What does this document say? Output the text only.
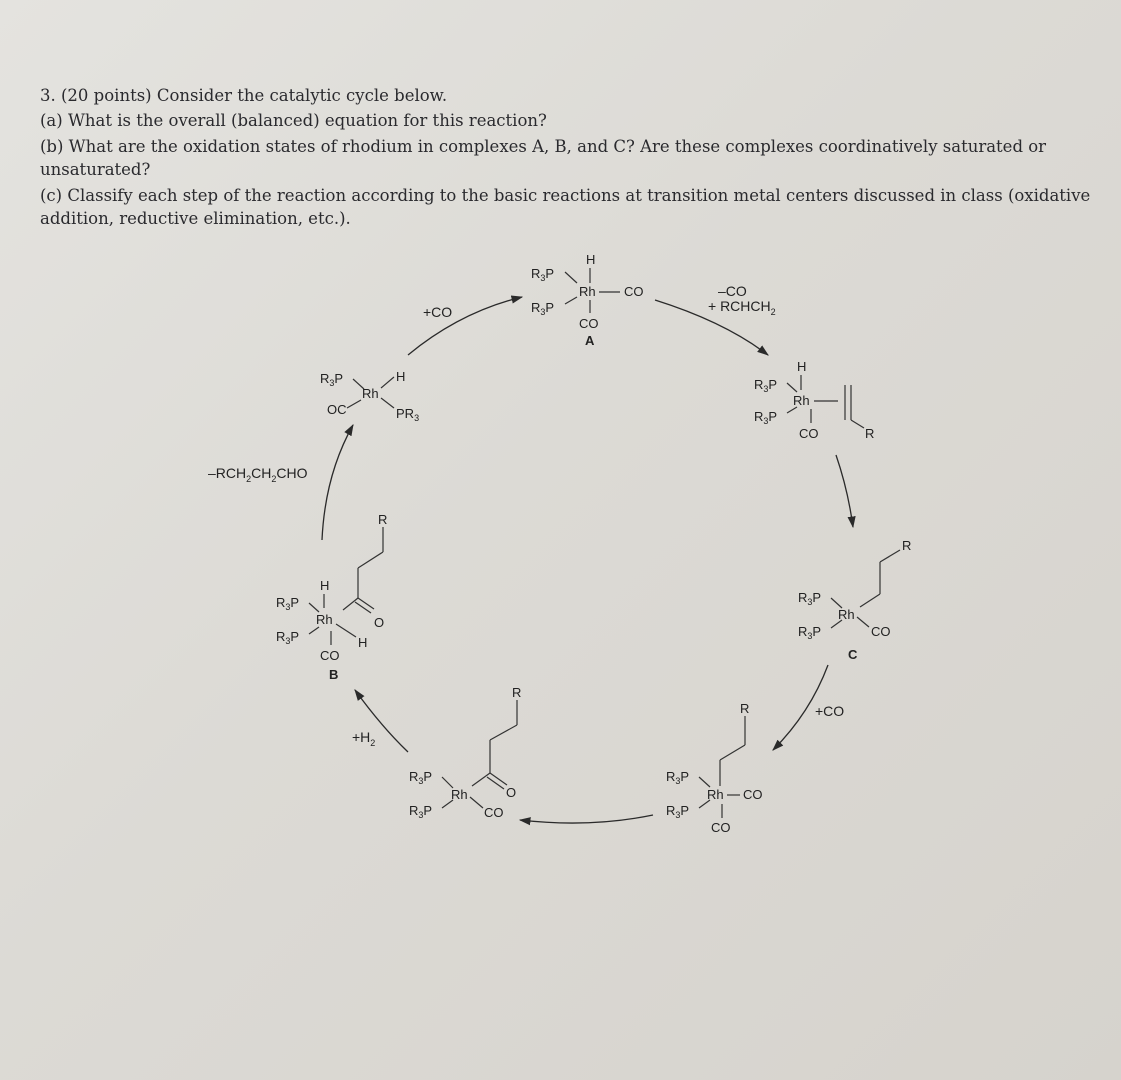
3. (20 points) Consider the catalytic cycle below.

(a) What is the overall (balanced) equation for this reaction?

(b) What are the oxidation states of rhodium in complexes A, B, and C? Are these complexes coordinatively saturated or unsaturated?

(c) Classify each step of the reaction according to the basic reactions at transition metal centers discussed in class (oxidative addition, reductive elimination, etc.).

+CO
–CO
+ $RCHCH_2$
+CO
$+H_2$
$-RCH_2CH_2CHO$
H
$R_3P$
Rh CO
$R_3P$
CO
A
H
$R_3P$
Rh
R
$R_3P$
CO
R
$R_3P$
Rh
CO
$R_3P$
C
R
$R_3P$
Rh CO
$R_3P$
CO
R
O
$R_3P$
Rh
CO
$R_3P$
R
O
H
$R_3P$
Rh
H
$R_3P$
CO
B
$R_3P$	H
Rh
OC	$PR_3$
